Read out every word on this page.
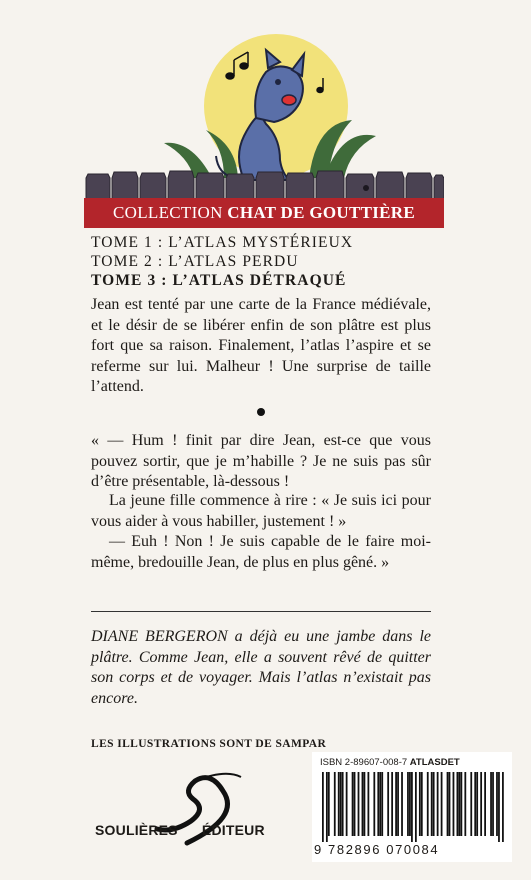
COLLECTION CHAT DE GOUTTIÈRE
TOME 1 : L’ATLAS MYSTÉRIEUX
TOME 2 : L’ATLAS PERDU
TOME 3 : L’ATLAS DÉTRAQUÉ
Jean est tenté par une carte de la France médiévale, et le désir de se libérer enfin de son plâtre est plus fort que sa raison. Finalement, l’atlas l’aspire et se referme sur lui. Malheur ! Une surprise de taille l’attend.
« — Hum ! finit par dire Jean, est-ce que vous pouvez sortir, que je m’habille ? Je ne suis pas sûr d’être présentable, là-dessous !
La jeune fille commence à rire : « Je suis ici pour vous aider à vous habiller, justement ! »
— Euh ! Non ! Je suis capable de le faire moi-même, bredouille Jean, de plus en plus gêné. »
DIANE BERGERON a déjà eu une jambe dans le plâtre. Comme Jean, elle a souvent rêvé de quitter son corps et de voyager. Mais l’atlas n’existait pas encore.
LES ILLUSTRATIONS SONT DE SAMPAR
SOULIÈRES ÉDITEUR
ISBN 2-89607-008-7 ATLASDET
9 782896 070084
